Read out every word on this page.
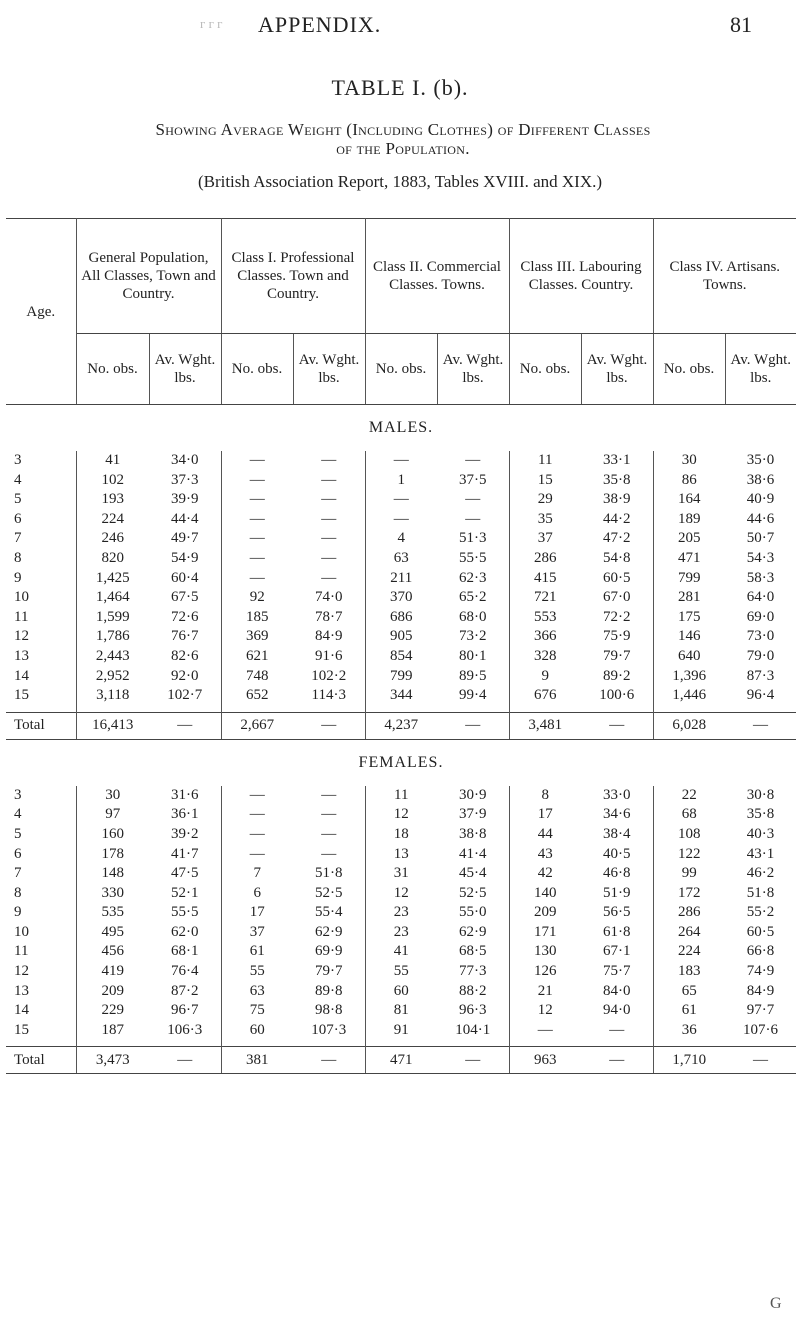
ᴦ ᴦ ᴦ APPENDIX.	81
TABLE I. (b).
Showing Average Weight (Including Clothes) of Different Classes
of the Population.
(British Association Report, 1883, Tables XVIII. and XIX.)
Age.	General Population, All Classes, Town and Country.		Class I. Professional Classes. Town and Country.		Class II. Commercial Classes. Towns.		Class III. Labouring Classes. Country.		Class IV. Artisans. Towns.	
	No. obs.	Av. Wght. lbs.	No. obs.	Av. Wght. lbs.	No. obs.	Av. Wght. lbs.	No. obs.	Av. Wght. lbs.	No. obs.	Av. Wght. lbs.
MALES.										
3	41	34·0	—	—	—	—	11	33·1	30	35·0
4	102	37·3	—	—	1	37·5	15	35·8	86	38·6
5	193	39·9	—	—	—	—	29	38·9	164	40·9
6	224	44·4	—	—	—	—	35	44·2	189	44·6
7	246	49·7	—	—	4	51·3	37	47·2	205	50·7
8	820	54·9	—	—	63	55·5	286	54·8	471	54·3
9	1,425	60·4	—	—	211	62·3	415	60·5	799	58·3
10	1,464	67·5	92	74·0	370	65·2	721	67·0	281	64·0
11	1,599	72·6	185	78·7	686	68·0	553	72·2	175	69·0
12	1,786	76·7	369	84·9	905	73·2	366	75·9	146	73·0
13	2,443	82·6	621	91·6	854	80·1	328	79·7	640	79·0
14	2,952	92·0	748	102·2	799	89·5	9	89·2	1,396	87·3
15	3,118	102·7	652	114·3	344	99·4	676	100·6	1,446	96·4

Total	16,413	—	2,667	—	4,237	—	3,481	—	6,028	—
FEMALES.										
3	30	31·6	—	—	11	30·9	8	33·0	22	30·8
4	97	36·1	—	—	12	37·9	17	34·6	68	35·8
5	160	39·2	—	—	18	38·8	44	38·4	108	40·3
6	178	41·7	—	—	13	41·4	43	40·5	122	43·1
7	148	47·5	7	51·8	31	45·4	42	46·8	99	46·2
8	330	52·1	6	52·5	12	52·5	140	51·9	172	51·8
9	535	55·5	17	55·4	23	55·0	209	56·5	286	55·2
10	495	62·0	37	62·9	23	62·9	171	61·8	264	60·5
11	456	68·1	61	69·9	41	68·5	130	67·1	224	66·8
12	419	76·4	55	79·7	55	77·3	126	75·7	183	74·9
13	209	87·2	63	89·8	60	88·2	21	84·0	65	84·9
14	229	96·7	75	98·8	81	96·3	12	94·0	61	97·7
15	187	106·3	60	107·3	91	104·1	—	—	36	107·6

Total	3,473	—	381	—	471	—	963	—	1,710	—
G
